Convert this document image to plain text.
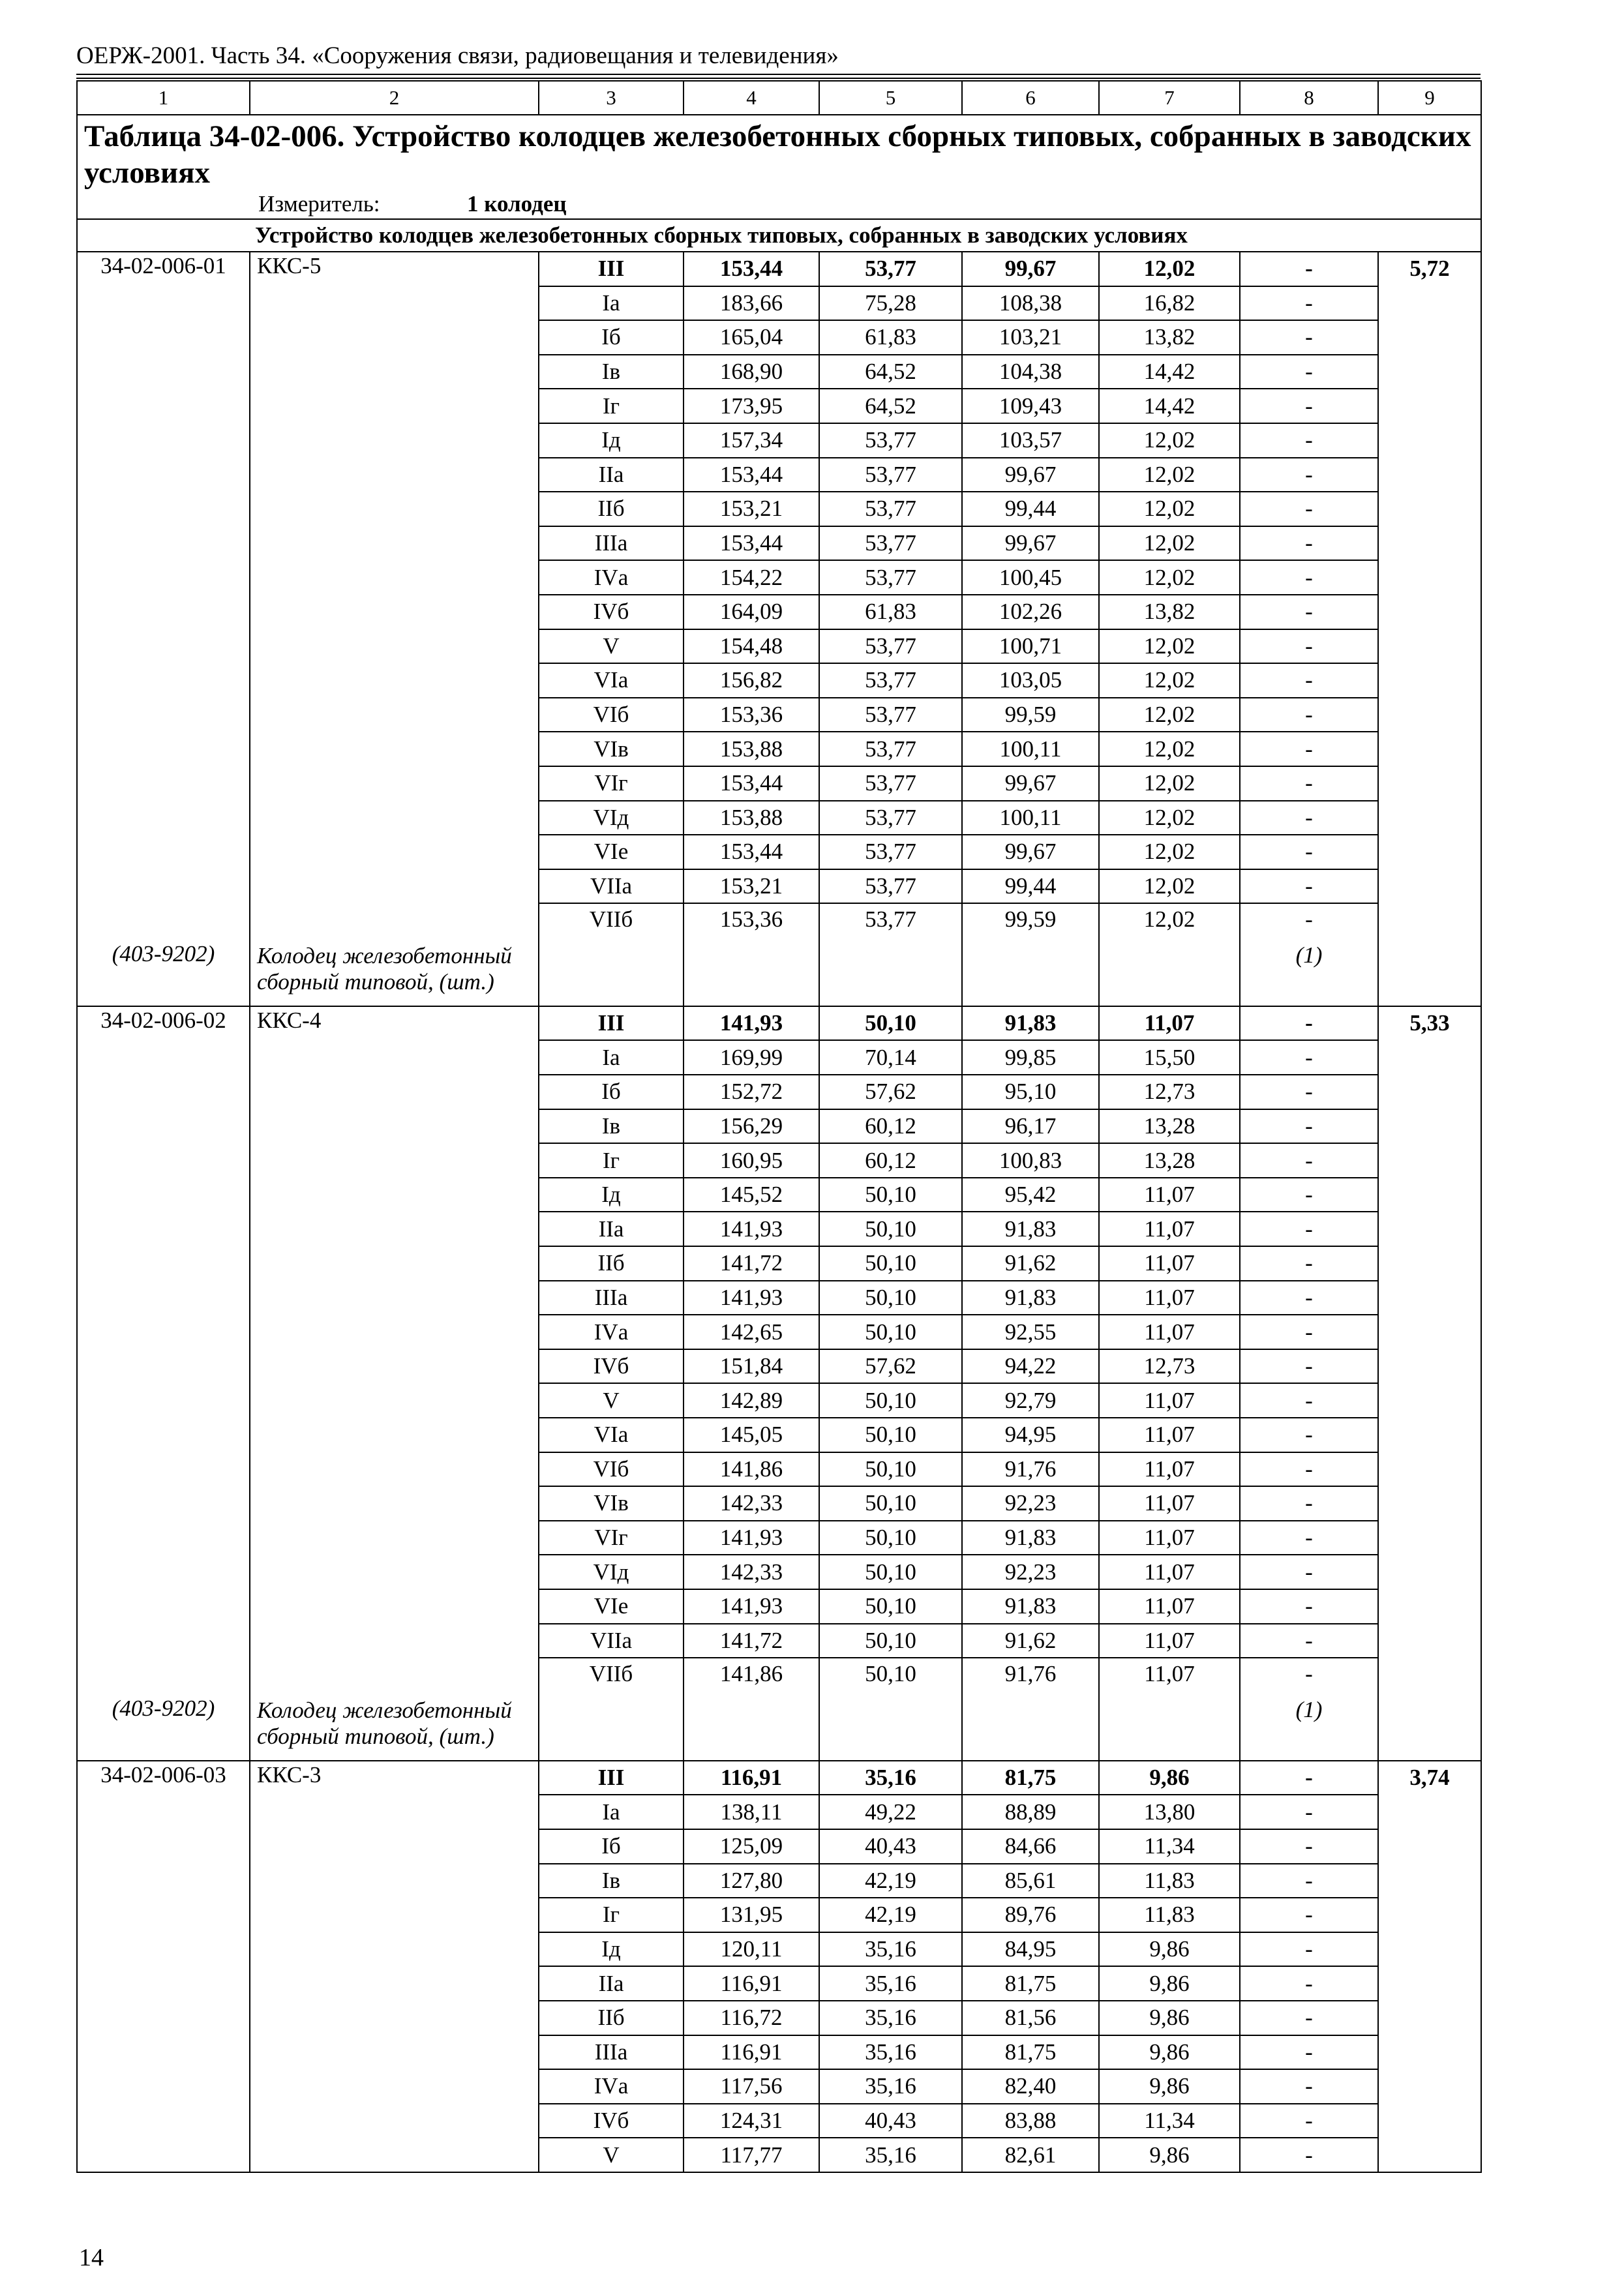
ОЕРЖ-2001. Часть 34. «Сооружения связи, радиовещания и телевидения»
1	2	3	4	5	6	7	8	9

Таблица 34-02-006. Устройство колодцев железобетонных сборных типовых, собранных в заводских условиях
Измеритель: 1 колодец								

Устройство колодцев железобетонных сборных типовых, собранных в заводских условиях								
34-02-006-01	ККС-5	III	153,44	53,77	99,67	12,02	-	5,72
		Iа	183,66	75,28	108,38	16,82	-	
		Iб	165,04	61,83	103,21	13,82	-	
		Iв	168,90	64,52	104,38	14,42	-	
		Iг	173,95	64,52	109,43	14,42	-	
		Iд	157,34	53,77	103,57	12,02	-	
		IIа	153,44	53,77	99,67	12,02	-	
		IIб	153,21	53,77	99,44	12,02	-	
		IIIа	153,44	53,77	99,67	12,02	-	
		IVа	154,22	53,77	100,45	12,02	-	
		IVб	164,09	61,83	102,26	13,82	-	
		V	154,48	53,77	100,71	12,02	-	
		VIа	156,82	53,77	103,05	12,02	-	
		VIб	153,36	53,77	99,59	12,02	-	
		VIв	153,88	53,77	100,11	12,02	-	
		VIг	153,44	53,77	99,67	12,02	-	
		VIд	153,88	53,77	100,11	12,02	-	
		VIе	153,44	53,77	99,67	12,02	-	
		VIIа	153,21	53,77	99,44	12,02	-	
		VIIб	153,36	53,77	99,59	12,02	-	
(403-9202)	Колодец железобетонный сборный типовой, (шт.)						(1)	
34-02-006-02	ККС-4	III	141,93	50,10	91,83	11,07	-	5,33
		Iа	169,99	70,14	99,85	15,50	-	
		Iб	152,72	57,62	95,10	12,73	-	
		Iв	156,29	60,12	96,17	13,28	-	
		Iг	160,95	60,12	100,83	13,28	-	
		Iд	145,52	50,10	95,42	11,07	-	
		IIа	141,93	50,10	91,83	11,07	-	
		IIб	141,72	50,10	91,62	11,07	-	
		IIIа	141,93	50,10	91,83	11,07	-	
		IVа	142,65	50,10	92,55	11,07	-	
		IVб	151,84	57,62	94,22	12,73	-	
		V	142,89	50,10	92,79	11,07	-	
		VIа	145,05	50,10	94,95	11,07	-	
		VIб	141,86	50,10	91,76	11,07	-	
		VIв	142,33	50,10	92,23	11,07	-	
		VIг	141,93	50,10	91,83	11,07	-	
		VIд	142,33	50,10	92,23	11,07	-	
		VIе	141,93	50,10	91,83	11,07	-	
		VIIа	141,72	50,10	91,62	11,07	-	
		VIIб	141,86	50,10	91,76	11,07	-	
(403-9202)	Колодец железобетонный сборный типовой, (шт.)						(1)	
34-02-006-03	ККС-3	III	116,91	35,16	81,75	9,86	-	3,74
		Iа	138,11	49,22	88,89	13,80	-	
		Iб	125,09	40,43	84,66	11,34	-	
		Iв	127,80	42,19	85,61	11,83	-	
		Iг	131,95	42,19	89,76	11,83	-	
		Iд	120,11	35,16	84,95	9,86	-	
		IIа	116,91	35,16	81,75	9,86	-	
		IIб	116,72	35,16	81,56	9,86	-	
		IIIа	116,91	35,16	81,75	9,86	-	
		IVа	117,56	35,16	82,40	9,86	-	
		IVб	124,31	40,43	83,88	11,34	-	
		V	117,77	35,16	82,61	9,86	-	
14
